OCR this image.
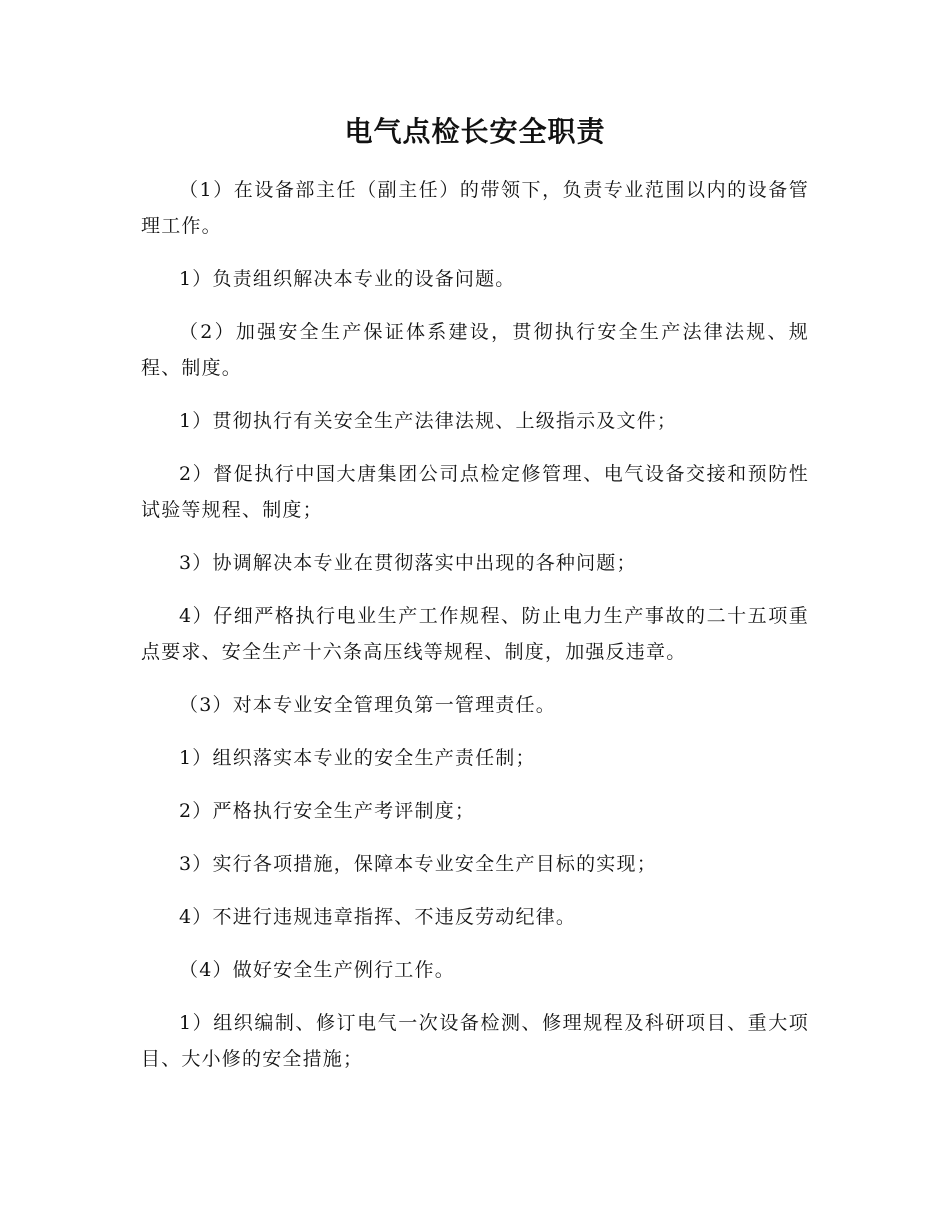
电气点检长安全职责

（1）在设备部主任（副主任）的带领下，负责专业范围以内的设备管理工作。

1）负责组织解决本专业的设备问题。

（2）加强安全生产保证体系建设，贯彻执行安全生产法律法规、规程、制度。

1）贯彻执行有关安全生产法律法规、上级指示及文件；

2）督促执行中国大唐集团公司点检定修管理、电气设备交接和预防性试验等规程、制度；

3）协调解决本专业在贯彻落实中出现的各种问题；

4）仔细严格执行电业生产工作规程、防止电力生产事故的二十五项重点要求、安全生产十六条高压线等规程、制度，加强反违章。

（3）对本专业安全管理负第一管理责任。

1）组织落实本专业的安全生产责任制；

2）严格执行安全生产考评制度；

3）实行各项措施，保障本专业安全生产目标的实现；

4）不进行违规违章指挥、不违反劳动纪律。

（4）做好安全生产例行工作。

1）组织编制、修订电气一次设备检测、修理规程及科研项目、重大项目、大小修的安全措施；
